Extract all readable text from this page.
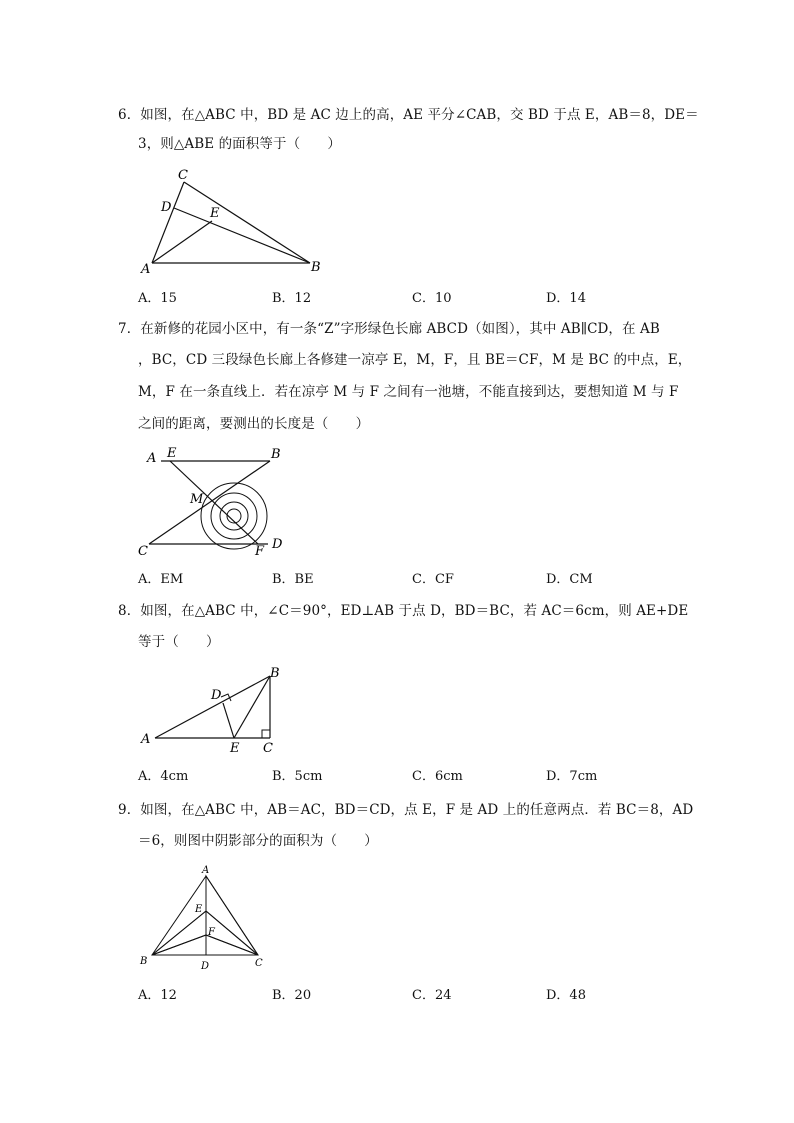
6．如图，在△ABC 中，BD 是 AC 边上的高，AE 平分∠CAB，交 BD 于点 E，AB＝8，DE＝
3，则△ABE 的面积等于（　　）
C
D	E
A	B
A．15	B．12	C．10	D．14
7．在新修的花园小区中，有一条“Z”字形绿色长廊 ABCD（如图），其中 AB∥CD，在 AB
，BC，CD 三段绿色长廊上各修建一凉亭 E，M，F，且 BE＝CF，M 是 BC 的中点，E，
M，F 在一条直线上．若在凉亭 M 与 F 之间有一池塘，不能直接到达，要想知道 M 与 F
之间的距离，要测出的长度是（　　）
A E	B
M
C	F D
A．EM	B．BE	C．CF	D．CM
8．如图，在△ABC 中，∠C＝90°，ED⊥AB 于点 D，BD＝BC，若 AC＝6cm，则 AE+DE
等于（　　）
A
B
C
D
E
A．4cm	B．5cm	C．6cm	D．7cm
9．如图，在△ABC 中，AB＝AC，BD＝CD，点 E，F 是 AD 上的任意两点．若 BC＝8，AD
＝6，则图中阴影部分的面积为（　　）
A
E
F
B	D	C
A．12	B．20	C．24	D．48
